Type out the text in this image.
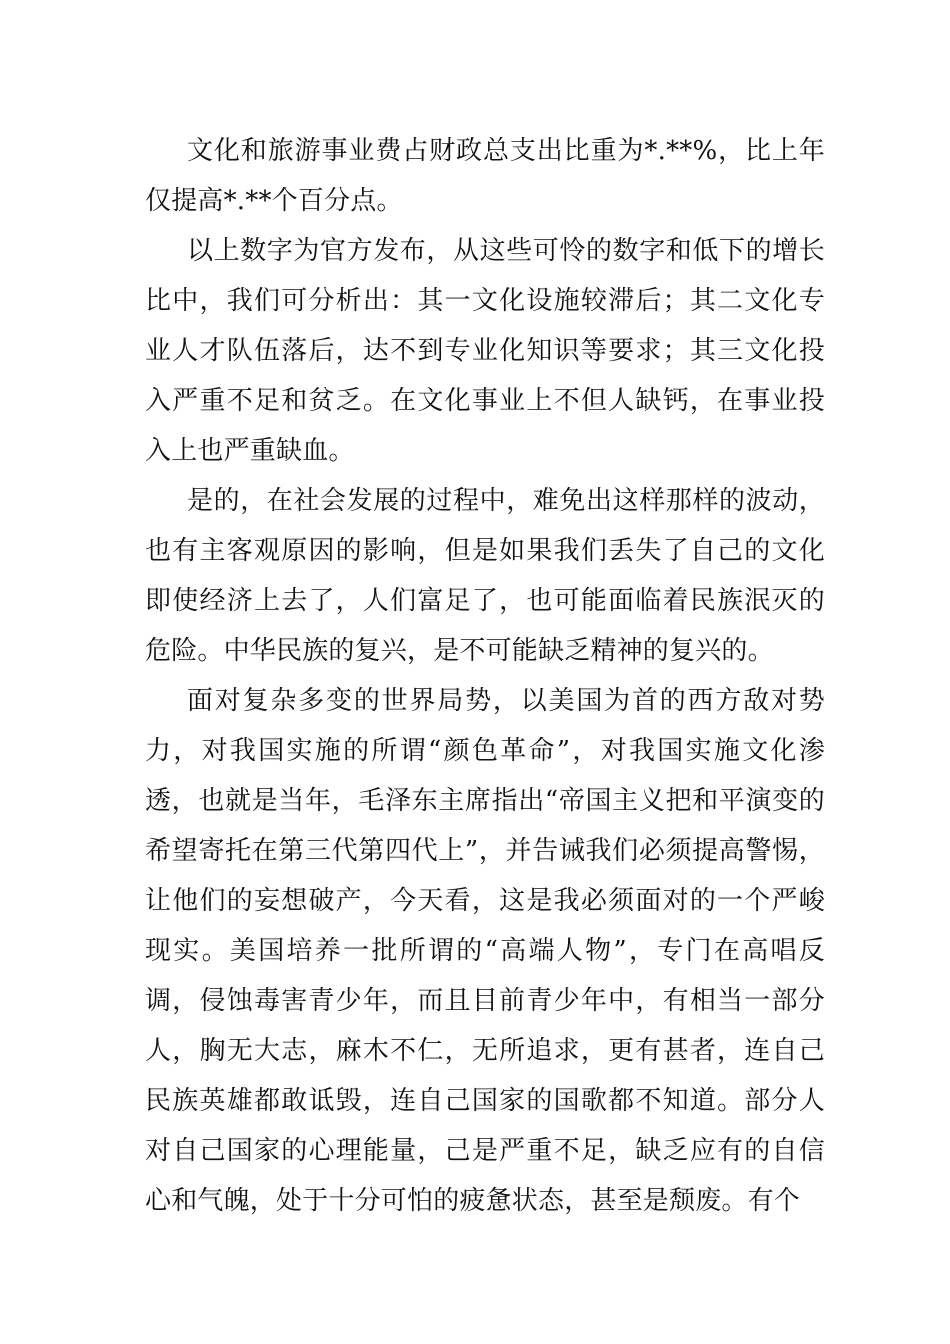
文化和旅游事业费占财政总支出比重为*.**%，比上年仅提高*.**个百分点。

以上数字为官方发布，从这些可怜的数字和低下的增长比中，我们可分析出：其一文化设施较滞后；其二文化专业人才队伍落后，达不到专业化知识等要求；其三文化投入严重不足和贫乏。在文化事业上不但人缺钙，在事业投入上也严重缺血。

是的，在社会发展的过程中，难免出这样那样的波动，也有主客观原因的影响，但是如果我们丢失了自己的文化即使经济上去了，人们富足了，也可能面临着民族泯灭的危险。中华民族的复兴，是不可能缺乏精神的复兴的。

面对复杂多变的世界局势，以美国为首的西方敌对势力，对我国实施的所谓“颜色革命”，对我国实施文化渗透，也就是当年，毛泽东主席指出“帝国主义把和平演变的希望寄托在第三代第四代上”，并告诫我们必须提高警惕，让他们的妄想破产，今天看，这是我必须面对的一个严峻现实。美国培养一批所谓的“高端人物”，专门在高唱反调，侵蚀毒害青少年，而且目前青少年中，有相当一部分人，胸无大志，麻木不仁，无所追求，更有甚者，连自己民族英雄都敢诋毁，连自己国家的国歌都不知道。部分人对自己国家的心理能量，己是严重不足，缺乏应有的自信心和气魄，处于十分可怕的疲惫状态，甚至是颓废。有个
